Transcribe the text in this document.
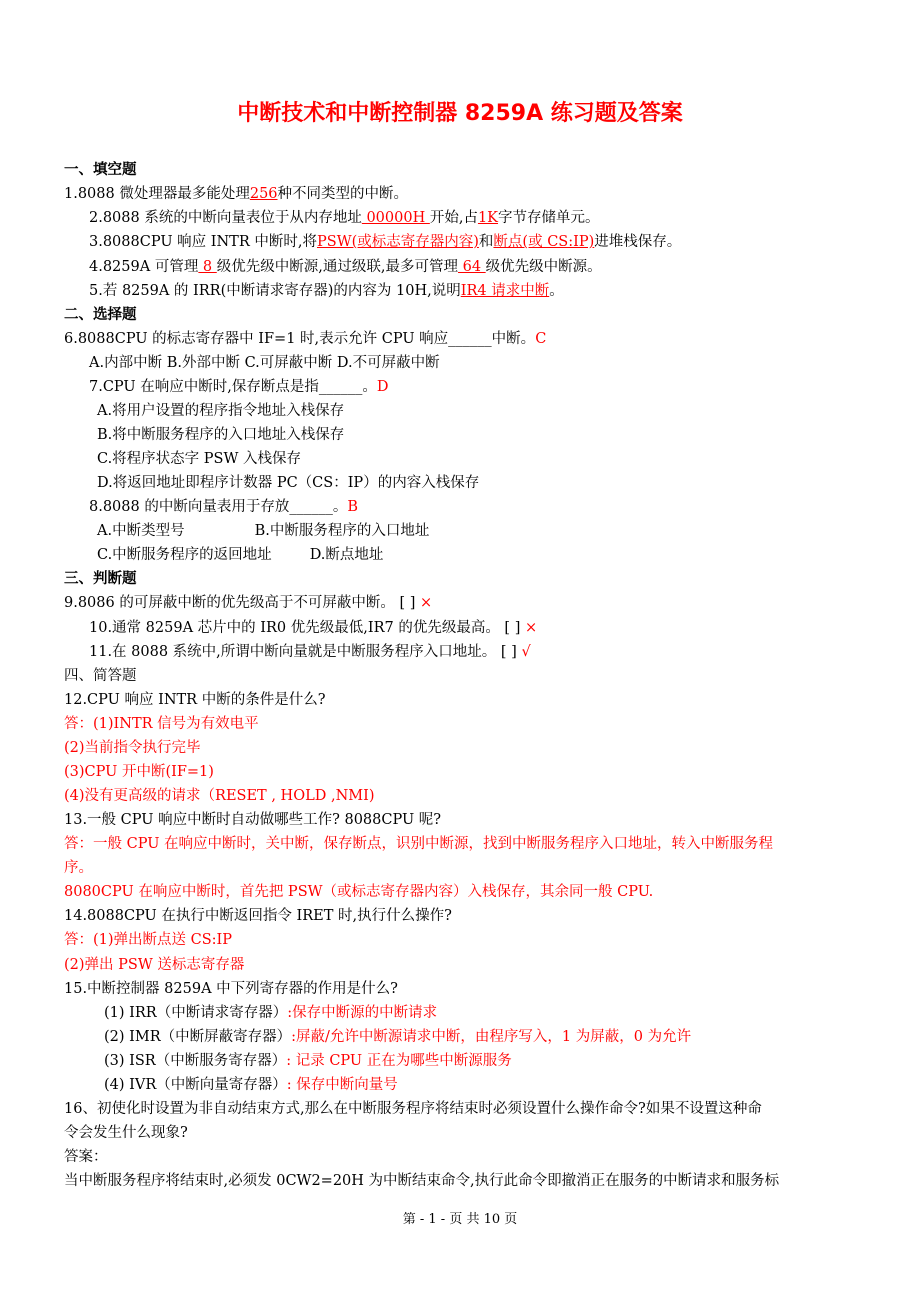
中断技术和中断控制器 8259A 练习题及答案
一、填空题
1.8088 微处理器最多能处理256种不同类型的中断。
2.8088 系统的中断向量表位于从内存地址 00000H 开始,占1K字节存储单元。
3.8088CPU 响应 INTR 中断时,将PSW(或标志寄存器内容)和断点(或 CS:IP)进堆栈保存。
4.8259A 可管理 8 级优先级中断源,通过级联,最多可管理 64 级优先级中断源。
5.若 8259A 的 IRR(中断请求寄存器)的内容为 10H,说明IR4 请求中断。
二、选择题
6.8088CPU 的标志寄存器中 IF=1 时,表示允许 CPU 响应______中断。C
A.内部中断 B.外部中断 C.可屏蔽中断 D.不可屏蔽中断
7.CPU 在响应中断时,保存断点是指______。D
A.将用户设置的程序指令地址入栈保存
B.将中断服务程序的入口地址入栈保存
C.将程序状态字 PSW 入栈保存
D.将返回地址即程序计数器 PC（CS：IP）的内容入栈保存
8.8088 的中断向量表用于存放______。B
A.中断类型号	B.中断服务程序的入口地址
C.中断服务程序的返回地址	D.断点地址
三、判断题
9.8086 的可屏蔽中断的优先级高于不可屏蔽中断。 [ ] ×
10.通常 8259A 芯片中的 IR0 优先级最低,IR7 的优先级最高。 [ ] ×
11.在 8088 系统中,所谓中断向量就是中断服务程序入口地址。 [ ] √
四、简答题
12.CPU 响应 INTR 中断的条件是什么?
答：(1)INTR 信号为有效电平
(2)当前指令执行完毕
(3)CPU 开中断(IF=1)
(4)没有更高级的请求（RESET , HOLD ,NMI)
13.一般 CPU 响应中断时自动做哪些工作? 8088CPU 呢?
答：一般 CPU 在响应中断时，关中断，保存断点，识别中断源，找到中断服务程序入口地址，转入中断服务程
序。
8080CPU 在响应中断时，首先把 PSW（或标志寄存器内容）入栈保存，其余同一般 CPU.
14.8088CPU 在执行中断返回指令 IRET 时,执行什么操作?
答：(1)弹出断点送 CS:IP
(2)弹出 PSW 送标志寄存器
15.中断控制器 8259A 中下列寄存器的作用是什么?
(1) IRR（中断请求寄存器）:保存中断源的中断请求
(2) IMR（中断屏蔽寄存器）:屏蔽/允许中断源请求中断，由程序写入，1 为屏蔽，0 为允许
(3) ISR（中断服务寄存器）: 记录 CPU 正在为哪些中断源服务
(4) IVR（中断向量寄存器）: 保存中断向量号
16、初使化时设置为非自动结束方式,那么在中断服务程序将结束时必须设置什么操作命令?如果不设置这种命
令会发生什么现象?
答案：
当中断服务程序将结束时,必须发 0CW2=20H 为中断结束命令,执行此命令即撤消正在服务的中断请求和服务标
第 - 1 - 页 共 10 页
